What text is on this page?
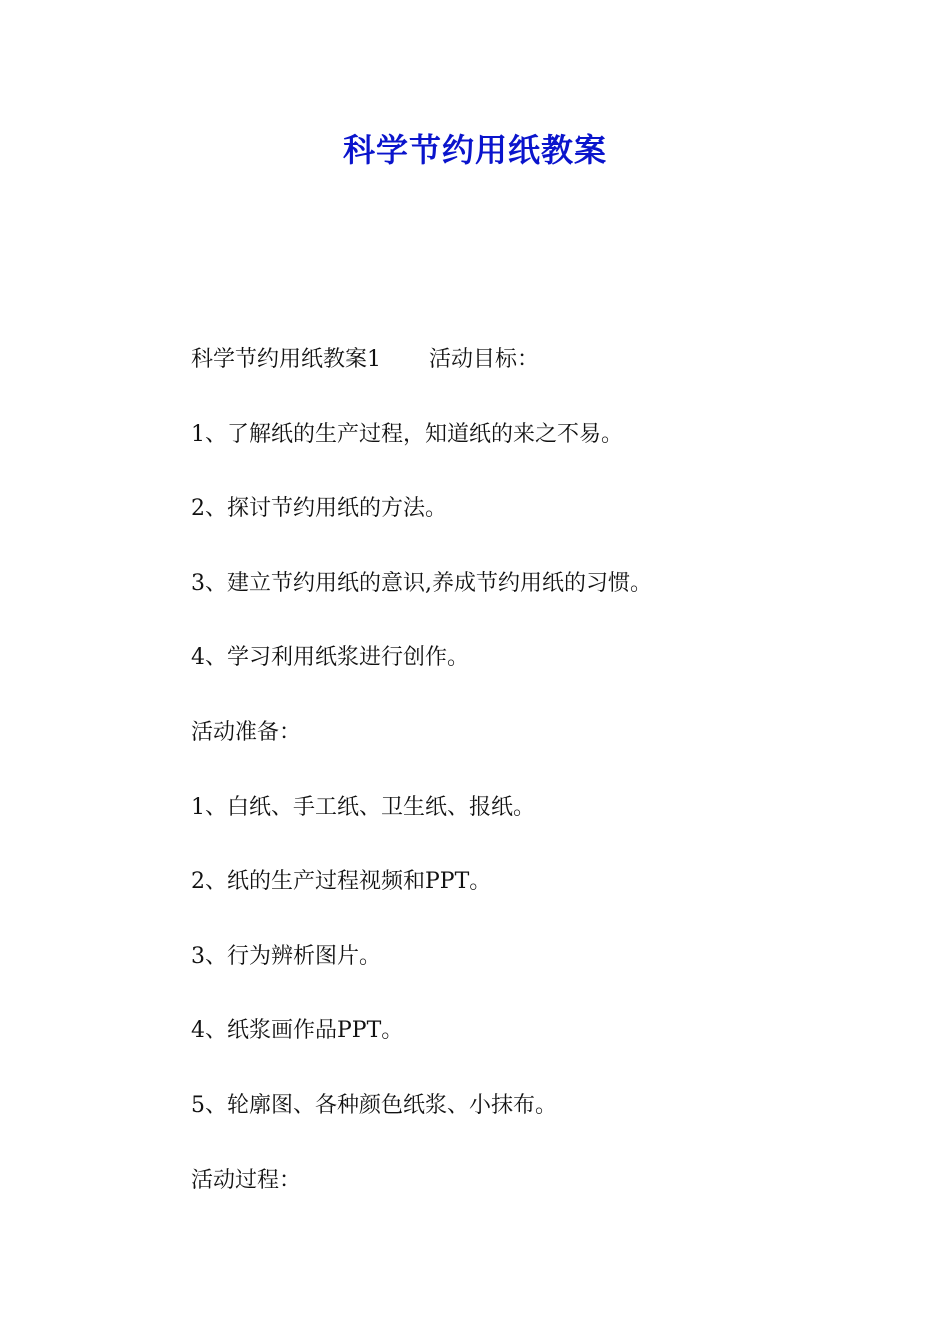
科学节约用纸教案

科学节约用纸教案1 活动目标：

1、了解纸的生产过程，知道纸的来之不易。

2、探讨节约用纸的方法。

3、建立节约用纸的意识,养成节约用纸的习惯。

4、学习利用纸浆进行创作。

活动准备：

1、白纸、手工纸、卫生纸、报纸。

2、纸的生产过程视频和PPT。

3、行为辨析图片。

4、纸浆画作品PPT。

5、轮廓图、各种颜色纸浆、小抹布。

活动过程：
